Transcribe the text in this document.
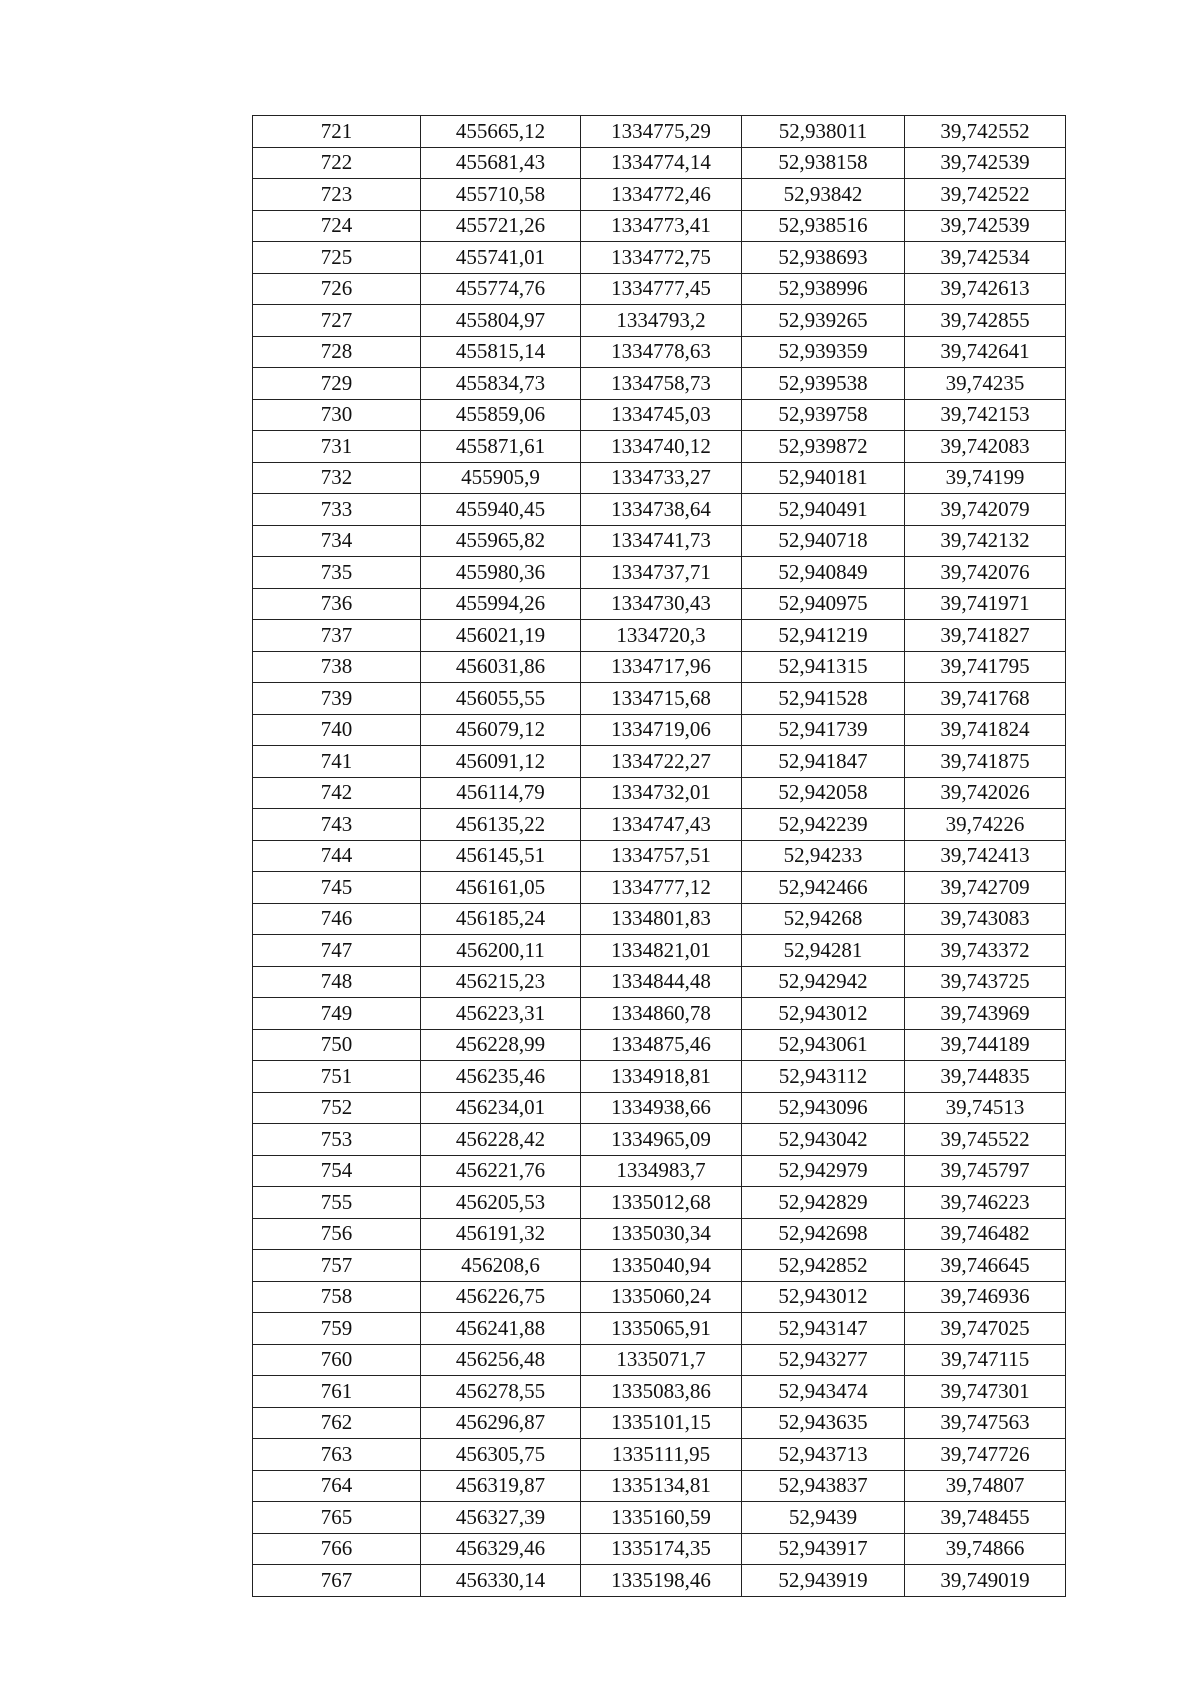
721	455665,12	1334775,29	52,938011	39,742552
722	455681,43	1334774,14	52,938158	39,742539
723	455710,58	1334772,46	52,93842	39,742522
724	455721,26	1334773,41	52,938516	39,742539
725	455741,01	1334772,75	52,938693	39,742534
726	455774,76	1334777,45	52,938996	39,742613
727	455804,97	1334793,2	52,939265	39,742855
728	455815,14	1334778,63	52,939359	39,742641
729	455834,73	1334758,73	52,939538	39,74235
730	455859,06	1334745,03	52,939758	39,742153
731	455871,61	1334740,12	52,939872	39,742083
732	455905,9	1334733,27	52,940181	39,74199
733	455940,45	1334738,64	52,940491	39,742079
734	455965,82	1334741,73	52,940718	39,742132
735	455980,36	1334737,71	52,940849	39,742076
736	455994,26	1334730,43	52,940975	39,741971
737	456021,19	1334720,3	52,941219	39,741827
738	456031,86	1334717,96	52,941315	39,741795
739	456055,55	1334715,68	52,941528	39,741768
740	456079,12	1334719,06	52,941739	39,741824
741	456091,12	1334722,27	52,941847	39,741875
742	456114,79	1334732,01	52,942058	39,742026
743	456135,22	1334747,43	52,942239	39,74226
744	456145,51	1334757,51	52,94233	39,742413
745	456161,05	1334777,12	52,942466	39,742709
746	456185,24	1334801,83	52,94268	39,743083
747	456200,11	1334821,01	52,94281	39,743372
748	456215,23	1334844,48	52,942942	39,743725
749	456223,31	1334860,78	52,943012	39,743969
750	456228,99	1334875,46	52,943061	39,744189
751	456235,46	1334918,81	52,943112	39,744835
752	456234,01	1334938,66	52,943096	39,74513
753	456228,42	1334965,09	52,943042	39,745522
754	456221,76	1334983,7	52,942979	39,745797
755	456205,53	1335012,68	52,942829	39,746223
756	456191,32	1335030,34	52,942698	39,746482
757	456208,6	1335040,94	52,942852	39,746645
758	456226,75	1335060,24	52,943012	39,746936
759	456241,88	1335065,91	52,943147	39,747025
760	456256,48	1335071,7	52,943277	39,747115
761	456278,55	1335083,86	52,943474	39,747301
762	456296,87	1335101,15	52,943635	39,747563
763	456305,75	1335111,95	52,943713	39,747726
764	456319,87	1335134,81	52,943837	39,74807
765	456327,39	1335160,59	52,9439	39,748455
766	456329,46	1335174,35	52,943917	39,74866
767	456330,14	1335198,46	52,943919	39,749019
